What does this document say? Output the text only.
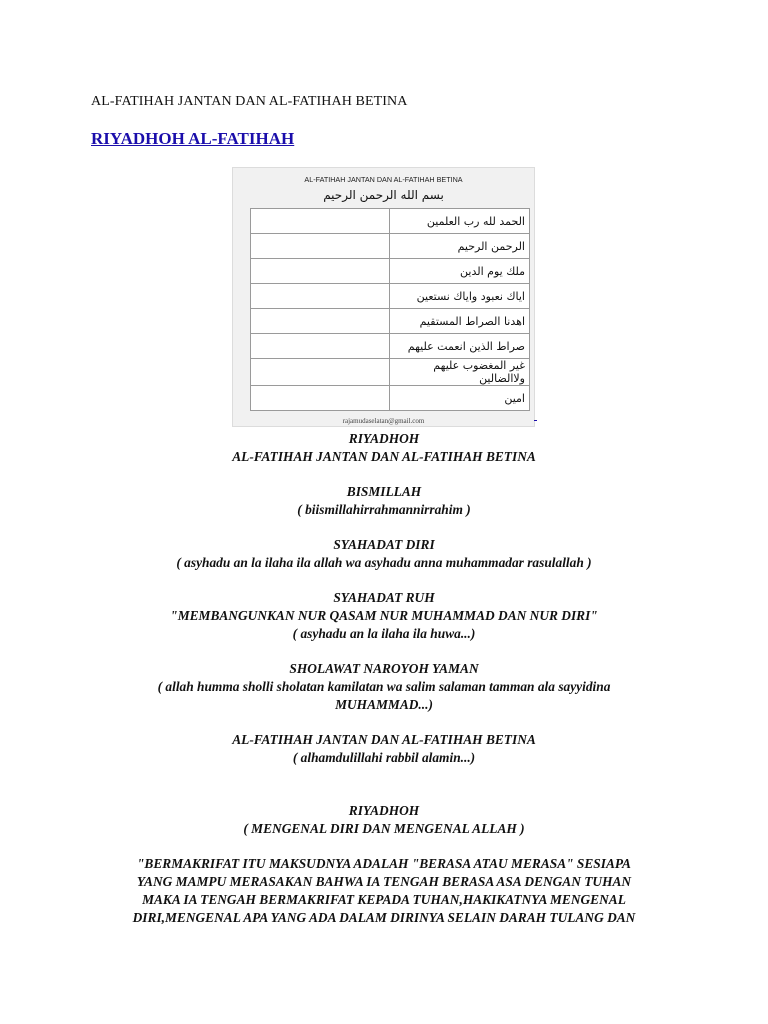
AL-FATIHAH JANTAN DAN AL-FATIHAH BETINA
RIYADHOH AL-FATIHAH
AL-FATIHAH JANTAN DAN AL-FATIHAH BETINA
بسم الله الرحمن الرحيم
	الحمد لله رب العلمين
	الرحمن الرحيم
	ملك يوم الدين
	اياك نعبود واياك نستعين
	اهدنا الصراط المستقيم
	صراط الذين انعمت عليهم
	غير المغضوب عليهم ولاالضالين
	امين
rajamudaselatan@gmail.com

RIYADHOH

AL-FATIHAH JANTAN DAN AL-FATIHAH BETINA

BISMILLAH

( biismillahirrahmannirrahim )

SYAHADAT DIRI

( asyhadu an la ilaha ila allah wa asyhadu anna muhammadar rasulallah )

SYAHADAT RUH

"MEMBANGUNKAN NUR QASAM NUR MUHAMMAD DAN NUR DIRI"

( asyhadu an la ilaha ila huwa...)

SHOLAWAT NAROYOH YAMAN

( allah humma sholli sholatan kamilatan wa salim salaman tamman ala sayyidina

MUHAMMAD...)

AL-FATIHAH JANTAN DAN AL-FATIHAH BETINA

( alhamdulillahi rabbil alamin...)

RIYADHOH

( MENGENAL DIRI DAN MENGENAL ALLAH )

"BERMAKRIFAT ITU MAKSUDNYA ADALAH "BERASA ATAU MERASA" SESIAPA

YANG MAMPU MERASAKAN BAHWA IA TENGAH BERASA ASA DENGAN TUHAN

MAKA IA TENGAH BERMAKRIFAT KEPADA TUHAN,HAKIKATNYA MENGENAL

DIRI,MENGENAL APA YANG ADA DALAM DIRINYA SELAIN DARAH TULANG DAN
